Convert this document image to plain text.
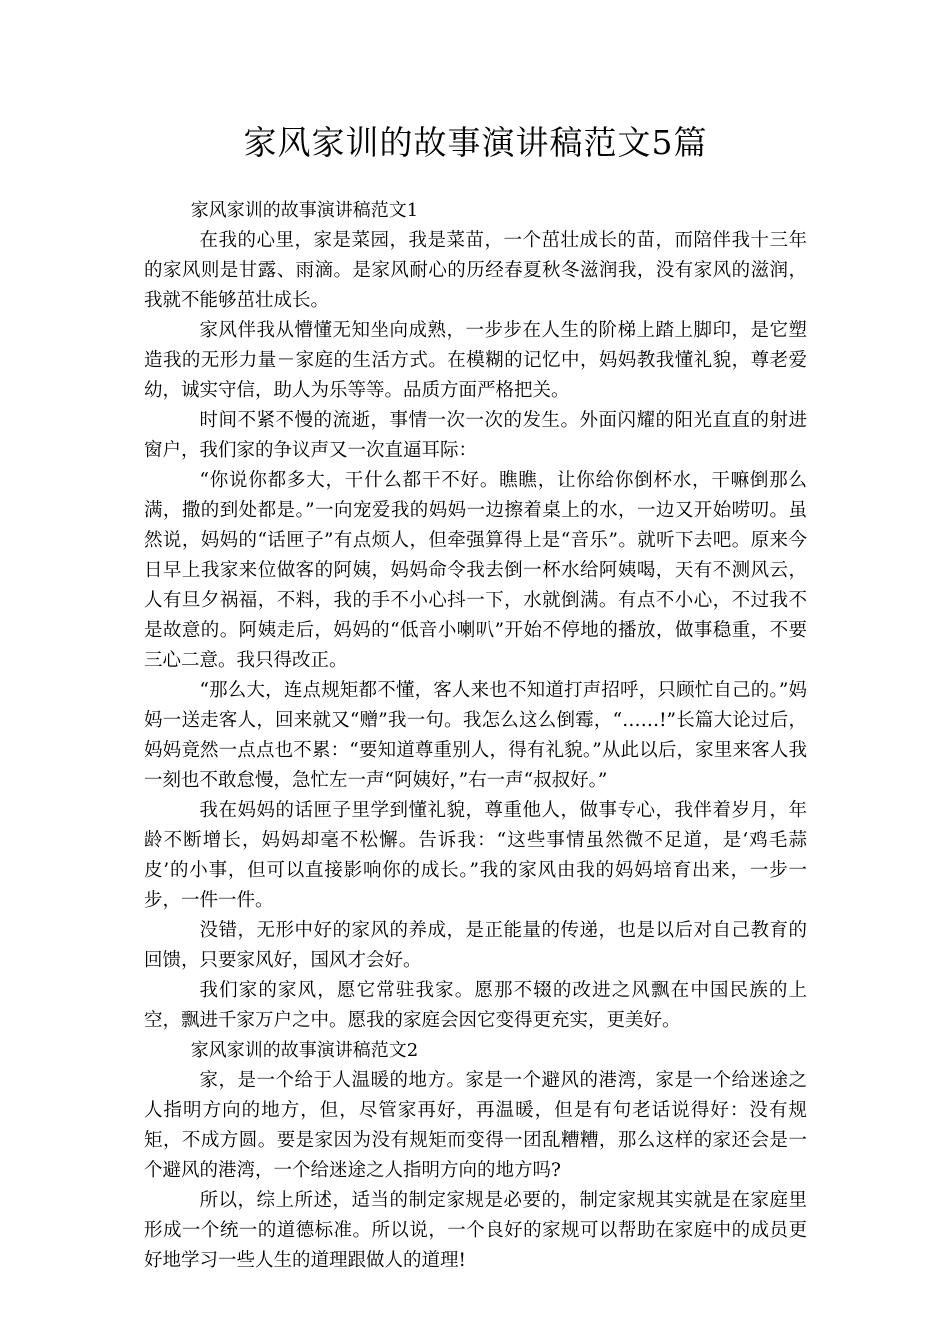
家风家训的故事演讲稿范文5篇

家风家训的故事演讲稿范文1

在我的心里，家是菜园，我是菜苗，一个茁壮成长的苗，而陪伴我十三年的家风则是甘露、雨滴。是家风耐心的历经春夏秋冬滋润我，没有家风的滋润，我就不能够茁壮成长。

家风伴我从懵懂无知坐向成熟，一步步在人生的阶梯上踏上脚印，是它塑造我的无形力量－家庭的生活方式。在模糊的记忆中，妈妈教我懂礼貌，尊老爱幼，诚实守信，助人为乐等等。品质方面严格把关。

时间不紧不慢的流逝，事情一次一次的发生。外面闪耀的阳光直直的射进窗户，我们家的争议声又一次直逼耳际：

“你说你都多大，干什么都干不好。瞧瞧，让你给你倒杯水，干嘛倒那么满，撒的到处都是。”一向宠爱我的妈妈一边擦着桌上的水，一边又开始唠叨。虽然说，妈妈的“话匣子”有点烦人，但牵强算得上是“音乐”。就听下去吧。原来今日早上我家来位做客的阿姨，妈妈命令我去倒一杯水给阿姨喝，天有不测风云，人有旦夕祸福，不料，我的手不小心抖一下，水就倒满。有点不小心，不过我不是故意的。阿姨走后，妈妈的“低音小喇叭”开始不停地的播放，做事稳重，不要三心二意。我只得改正。

“那么大，连点规矩都不懂，客人来也不知道打声招呼，只顾忙自己的。”妈妈一送走客人，回来就又“赠”我一句。我怎么这么倒霉，“……!”长篇大论过后，妈妈竟然一点点也不累：“要知道尊重别人，得有礼貌。”从此以后，家里来客人我一刻也不敢怠慢，急忙左一声“阿姨好，”右一声“叔叔好。”

我在妈妈的话匣子里学到懂礼貌，尊重他人，做事专心，我伴着岁月，年龄不断增长，妈妈却毫不松懈。告诉我：“这些事情虽然微不足道，是‘鸡毛蒜皮’的小事，但可以直接影响你的成长。”我的家风由我的妈妈培育出来，一步一步，一件一件。

没错，无形中好的家风的养成，是正能量的传递，也是以后对自己教育的回馈，只要家风好，国风才会好。

我们家的家风，愿它常驻我家。愿那不辍的改进之风飘在中国民族的上空，飘进千家万户之中。愿我的家庭会因它变得更充实，更美好。

家风家训的故事演讲稿范文2

家，是一个给于人温暖的地方。家是一个避风的港湾，家是一个给迷途之人指明方向的地方，但，尽管家再好，再温暖，但是有句老话说得好：没有规矩，不成方圆。要是家因为没有规矩而变得一团乱糟糟，那么这样的家还会是一个避风的港湾，一个给迷途之人指明方向的地方吗?

所以，综上所述，适当的制定家规是必要的，制定家规其实就是在家庭里形成一个统一的道德标准。所以说，一个良好的家规可以帮助在家庭中的成员更好地学习一些人生的道理跟做人的道理!
